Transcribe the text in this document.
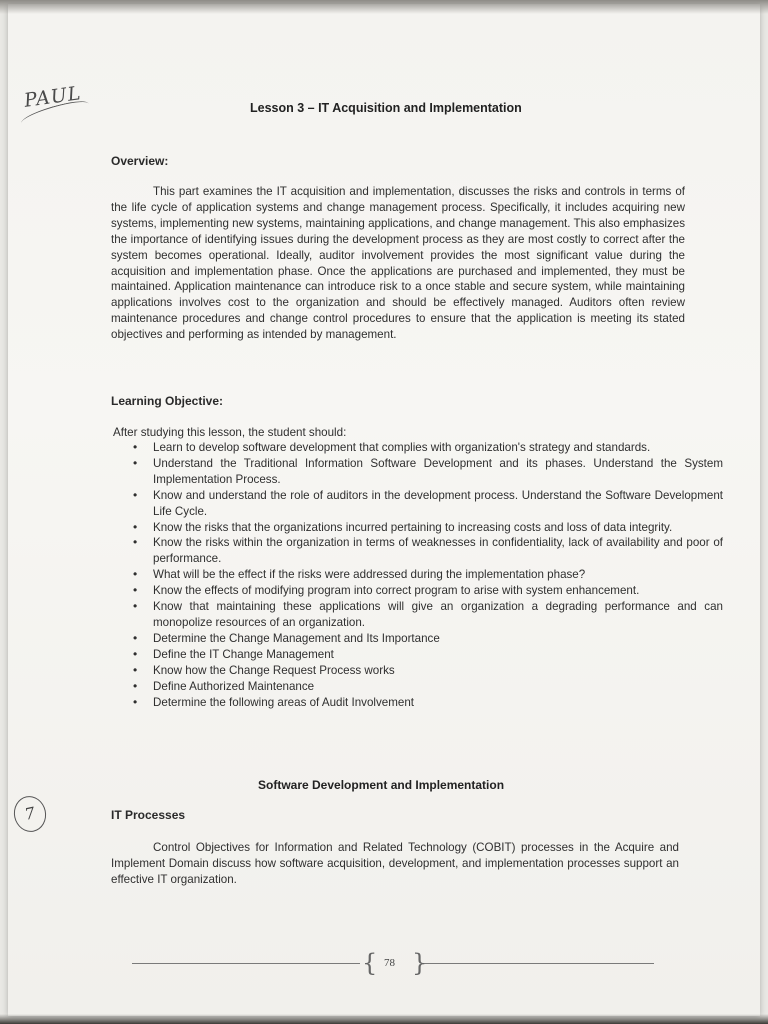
PAUL	Lesson 3 – IT Acquisition and Implementation
Overview:
This part examines the IT acquisition and implementation, discusses the risks and controls in terms of the life cycle of application systems and change management process. Specifically, it includes acquiring new systems, implementing new systems, maintaining applications, and change management. This also emphasizes the importance of identifying issues during the development process as they are most costly to correct after the system becomes operational. Ideally, auditor involvement provides the most significant value during the acquisition and implementation phase. Once the applications are purchased and implemented, they must be maintained. Application maintenance can introduce risk to a once stable and secure system, while maintaining applications involves cost to the organization and should be effectively managed. Auditors often review maintenance procedures and change control procedures to ensure that the application is meeting its stated objectives and performing as intended by management.
Learning Objective:
After studying this lesson, the student should:
• Learn to develop software development that complies with organization's strategy and standards.
• Understand the Traditional Information Software Development and its phases. Understand the System Implementation Process.
• Know and understand the role of auditors in the development process. Understand the Software Development Life Cycle.
• Know the risks that the organizations incurred pertaining to increasing costs and loss of data integrity.
• Know the risks within the organization in terms of weaknesses in confidentiality, lack of availability and poor of performance.
• What will be the effect if the risks were addressed during the implementation phase?
• Know the effects of modifying program into correct program to arise with system enhancement.
• Know that maintaining these applications will give an organization a degrading performance and can monopolize resources of an organization.
• Determine the Change Management and Its Importance
• Define the IT Change Management
• Know how the Change Request Process works
• Define Authorized Maintenance
• Determine the following areas of Audit Involvement
Software Development and Implementation
7	IT Processes
Control Objectives for Information and Related Technology (COBIT) processes in the Acquire and Implement Domain discuss how software acquisition, development, and implementation processes support an effective IT organization.
{ 78 }
